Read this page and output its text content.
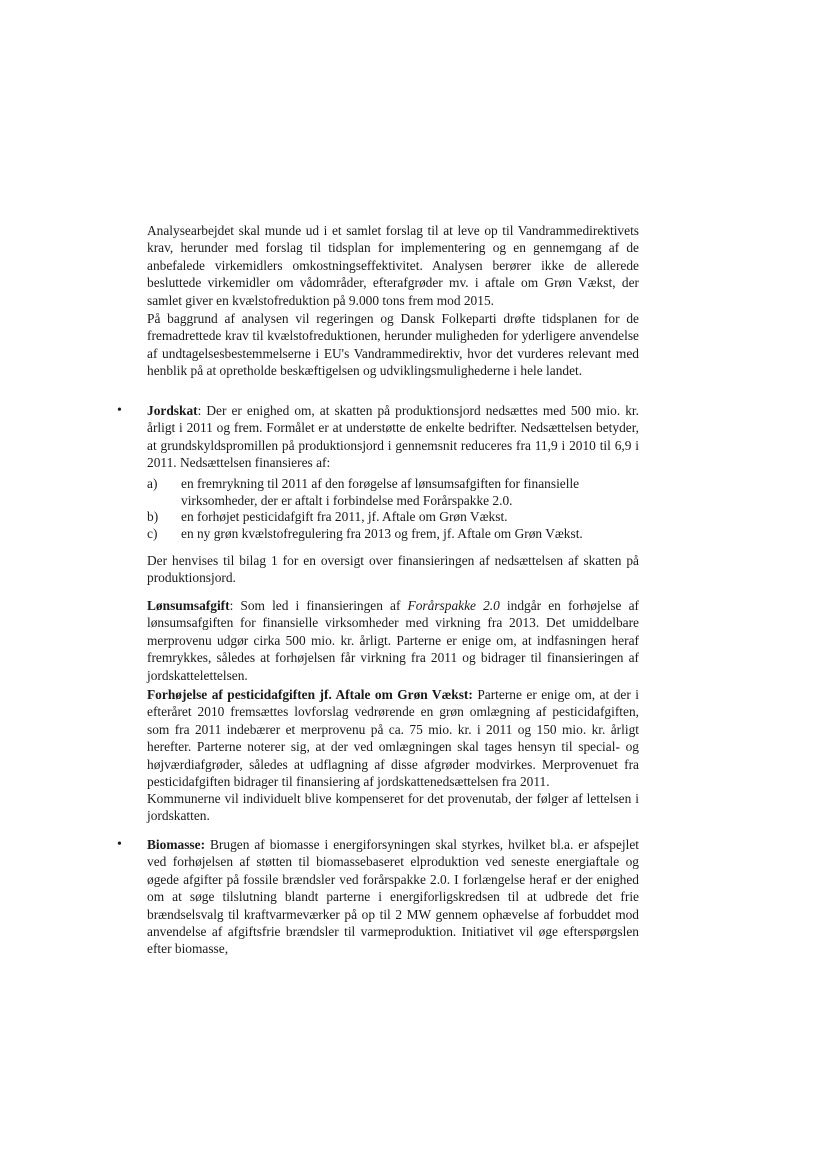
Analysearbejdet skal munde ud i et samlet forslag til at leve op til Vandrammedirektivets krav, herunder med forslag til tidsplan for implementering og en gennemgang af de anbefalede virkemidlers omkostningseffektivitet. Analysen berører ikke de allerede besluttede virkemidler om vådområder, efterafgrøder mv. i aftale om Grøn Vækst, der samlet giver en kvælstofreduktion på 9.000 tons frem mod 2015.

På baggrund af analysen vil regeringen og Dansk Folkeparti drøfte tidsplanen for de fremadrettede krav til kvælstofreduktionen, herunder muligheden for yderligere anvendelse af undtagelsesbestemmelserne i EU's Vandrammedirektiv, hvor det vurderes relevant med henblik på at opretholde beskæftigelsen og udviklingsmulighederne i hele landet.

• Jordskat: Der er enighed om, at skatten på produktionsjord nedsættes med 500 mio. kr. årligt i 2011 og frem. Formålet er at understøtte de enkelte bedrifter. Nedsættelsen betyder, at grundskyldspromillen på produktionsjord i gennemsnit reduceres fra 11,9 i 2010 til 6,9 i 2011. Nedsættelsen finansieres af:

a)	en fremrykning til 2011 af den forøgelse af lønsumsafgiften for finansielle virksomheder, der er aftalt i forbindelse med Forårspakke 2.0.
b)	en forhøjet pesticidafgift fra 2011, jf. Aftale om Grøn Vækst.
c)	en ny grøn kvælstofregulering fra 2013 og frem, jf. Aftale om Grøn Vækst.

Der henvises til bilag 1 for en oversigt over finansieringen af nedsættelsen af skatten på produktionsjord.

Lønsumsafgift: Som led i finansieringen af Forårspakke 2.0 indgår en forhøjelse af lønsumsafgiften for finansielle virksomheder med virkning fra 2013. Det umiddelbare merprovenu udgør cirka 500 mio. kr. årligt. Parterne er enige om, at indfasningen heraf fremrykkes, således at forhøjelsen får virkning fra 2011 og bidrager til finansieringen af jordskattelettelsen.

Forhøjelse af pesticidafgiften jf. Aftale om Grøn Vækst: Parterne er enige om, at der i efteråret 2010 fremsættes lovforslag vedrørende en grøn omlægning af pesticidafgiften, som fra 2011 indebærer et merprovenu på ca. 75 mio. kr. i 2011 og 150 mio. kr. årligt herefter. Parterne noterer sig, at der ved omlægningen skal tages hensyn til special- og højværdiafgrøder, således at udflagning af disse afgrøder modvirkes. Merprovenuet fra pesticidafgiften bidrager til finansiering af jordskattenedsættelsen fra 2011.

Kommunerne vil individuelt blive kompenseret for det provenutab, der følger af lettelsen i jordskatten.

• Biomasse: Brugen af biomasse i energiforsyningen skal styrkes, hvilket bl.a. er afspejlet ved forhøjelsen af støtten til biomassebaseret elproduktion ved seneste energiaftale og øgede afgifter på fossile brændsler ved forårspakke 2.0. I forlængelse heraf er der enighed om at søge tilslutning blandt parterne i energiforligskredsen til at udbrede det frie brændselsvalg til kraftvarmeværker på op til 2 MW gennem ophævelse af forbuddet mod anvendelse af afgiftsfrie brændsler til varmeproduktion. Initiativet vil øge efterspørgslen efter biomasse,
